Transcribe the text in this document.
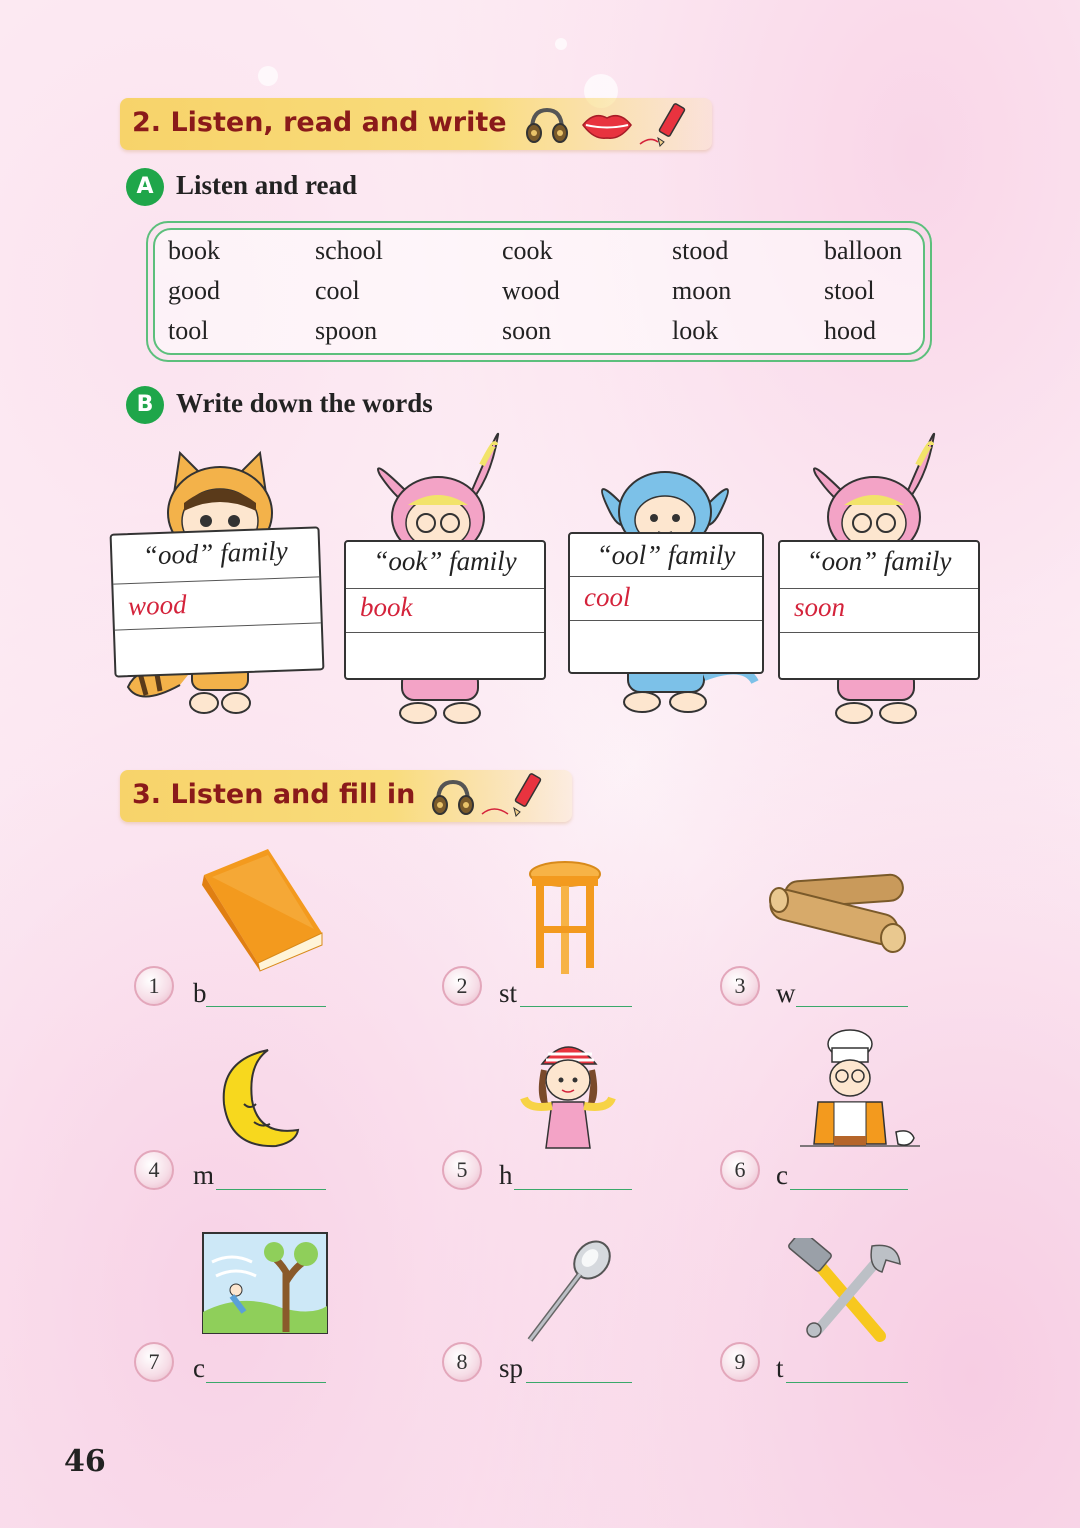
2. Listen, read and write
A Listen and read
book	school	cook	stood	balloon
good	cool	wood	moon	stool
tool	spoon	soon	look	hood
B Write down the words
“ood” family
wood
“ook” family
book
“ool” family
cool
“oon” family
soon
3. Listen and fill in
1	b	2	st	3	w
4	m	5	h	6	c
7	c	8	sp	9	t
46
